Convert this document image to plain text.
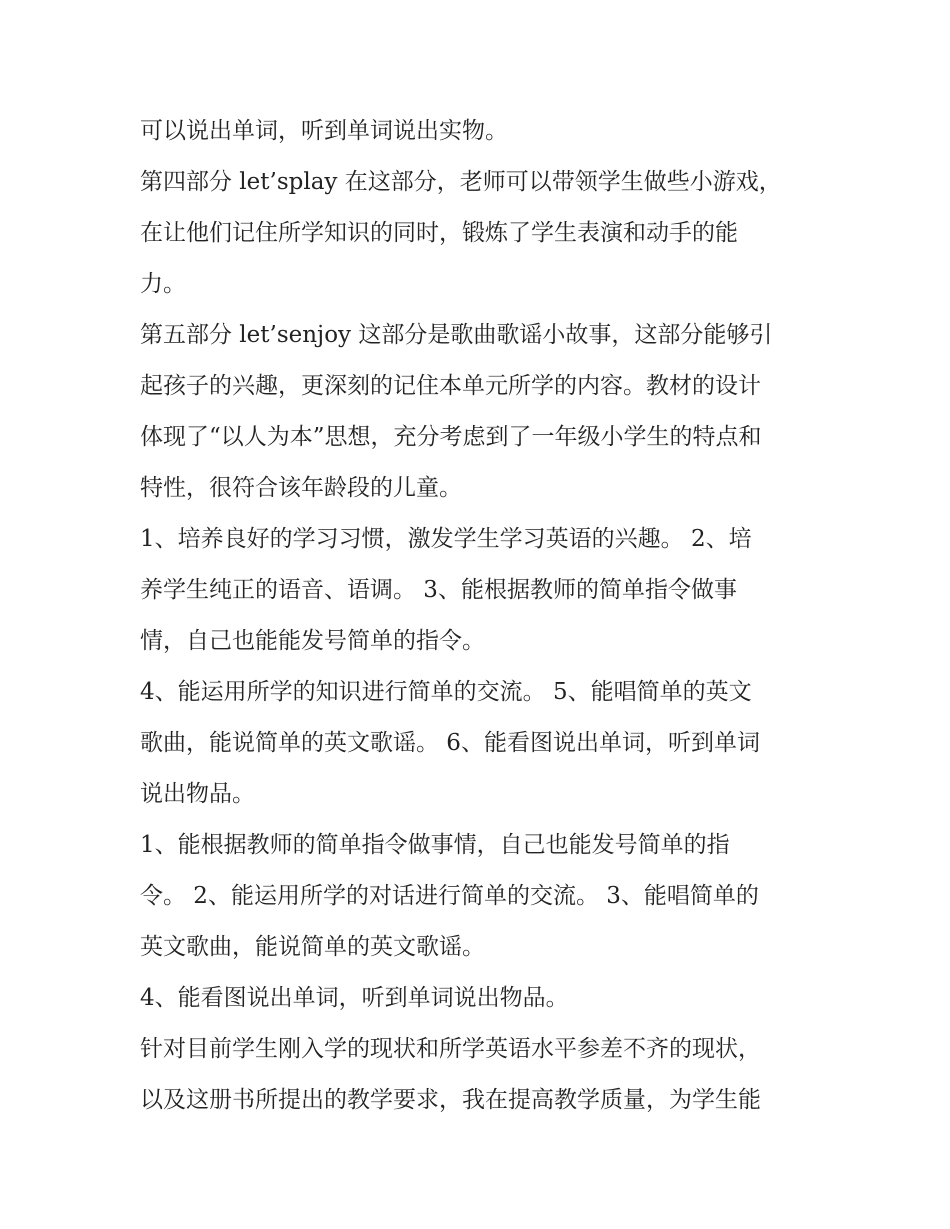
可以说出单词，听到单词说出实物。

第四部分 let’splay 在这部分，老师可以带领学生做些小游戏，

在让他们记住所学知识的同时，锻炼了学生表演和动手的能

力。

第五部分 let’senjoy 这部分是歌曲歌谣小故事，这部分能够引

起孩子的兴趣，更深刻的记住本单元所学的内容。教材的设计

体现了“以人为本”思想，充分考虑到了一年级小学生的特点和

特性，很符合该年龄段的儿童。

1、培养良好的学习习惯，激发学生学习英语的兴趣。 2、培

养学生纯正的语音、语调。 3、能根据教师的简单指令做事

情，自己也能能发号简单的指令。

4、能运用所学的知识进行简单的交流。 5、能唱简单的英文

歌曲，能说简单的英文歌谣。 6、能看图说出单词，听到单词

说出物品。

1、能根据教师的简单指令做事情，自己也能发号简单的指

令。 2、能运用所学的对话进行简单的交流。 3、能唱简单的

英文歌曲，能说简单的英文歌谣。

4、能看图说出单词，听到单词说出物品。

针对目前学生刚入学的现状和所学英语水平参差不齐的现状，

以及这册书所提出的教学要求，我在提高教学质量，为学生能
